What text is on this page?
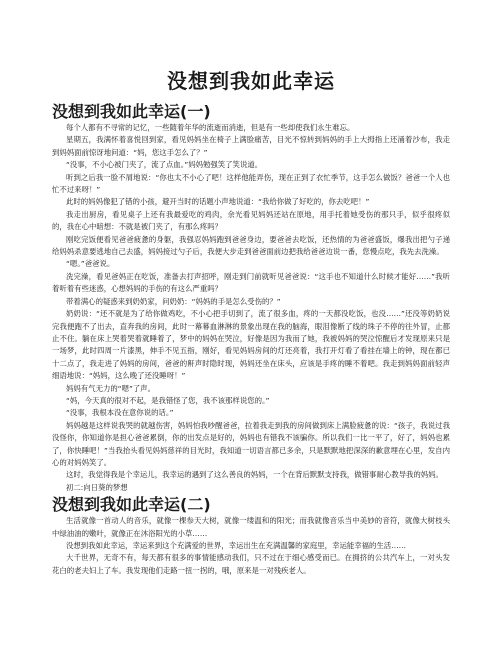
没想到我如此幸运
没想到我如此幸运(一)

每个人都有不寻常的记忆，一些随着年华的流逝而消逝，但是有一些却使我们永生难忘。

星期五，我满怀着喜悦回到家，看见妈妈坐在椅子上满脸痛苦，目光不惊转到妈妈的手上大拇指上还涌着沙布，我走到妈妈面前惊讶地问道：“妈，您这手怎么了？”

“没事，不小心被门夹了，流了点血。”妈妈勉强笑了笑说道。

听到之后我一脸不屑地说：“你也太不小心了吧！这样他能弄伤，现在正到了衣忙季节，这手怎么做饭？爸爸一个人也忙不过来呀！”

此时的妈妈像犯了错的小孩，避开当时的话题小声地说道：“我给你做了好吃的，你去吃吧！”

我走出厨房，看见桌子上还有我最爱吃的鸡肉，余光看见妈妈还站在原地，用手托着她受伤的那只手，似乎很疼似的，我在心中暗想：不就是被门夹了，有那么疼吗？

刚吃完饭便看见爸爸疲惫的身躯，我强忍妈妈跑到爸爸身边，要爸爸去吃饭，还热情的为爸爸盛饭，爆我出把勺子递给妈妈杀意要逃地自己去盛，妈妈接过勺子后，我便大步走到爸爸面前边把我给爸爸边说一番，您慢点吃，我先去洗澡。

“嗯。”爸爸说。

洗完澡，看见爸妈正在吃饭，准备去打声招呼，刚走到门前就听见爸爸说：“这手也不知道什么时候才能好……”我听着听着有些迷惑，心想妈妈的手伤的有这么严重吗？

带着满心的疑惑来到奶奶家，问奶奶：“妈妈的手是怎么受伤的？”

奶奶说：“还不就是为了给你做鸡吃，不小心把手切到了，流了很多血，疼的一天都没吃饭，也没……”还没等奶奶说完我便跑不了出去，直奔我的房间，此时一幕幕血淋淋的景象出现在我的脑海，眼泪像断了线的珠子不停的往外冒，止都止不住。躺在床上哭着哭着就睡着了，梦中的妈妈在哭泣，好像是因为我而了她，我被妈妈的哭泣惊醒后才发现原来只是一场梦，此时四周一片漆黑，伸手不见五指，刚好，看见妈妈房间的灯还亮着，我打开灯看了看挂在墙上的钟，现在都已十二点了，我走进了妈妈的房间，爸爸的鼾声时隐时现，妈妈还坐在床头，应该是手疼的睡不着吧。我走到妈妈面前轻声细语地说：“妈妈，这么晚了还没睡呀！”

妈妈有气无力的“嗯”了声。

“妈，今天真的很对不起，是我错怪了您，我不该那样说您的。”

“没事，我根本没在意你说的话。”

妈妈越是这样说我哭的就越伤害，妈妈怕我吵醒爸爸，拉着我走到我的房间做到床上满脸疲惫的说：“孩子，我说过我没怪你，你知道你是担心爸爸累倒，你的出发点是好的，妈妈也有错我不该骗你。所以我们一比一平了，好了，妈妈也累了，你快睡吧！”当我抬头看见妈妈慈祥的目光时，我知道一切语言都已多余，只是默默地把深深的歉意埋在心里，发自内心的对妈妈笑了。

这时，我觉得我是个幸运儿，我幸运的遇到了这么善良的妈妈，一个在背后默默支持我，做错事耐心教导我的妈妈。

初二:向日葵的梦想

没想到我如此幸运(二)

生活就像一首动人的音乐，就像一棵参天大树，就像一缕温和的阳光；而我就像音乐当中美妙的音符，就像大树枝头中绿油油的嫩叶，就像正在沐浴阳光的小草……

没想到我如此幸运，幸运来到这个充满爱的世界，幸运出生在充满温馨的家庭里，幸运能幸福的生活……

大千世界，无奇不有，每天都有很多的事情能感动我们，只不过在于细心感受而已。在拥挤的公共汽车上，一对头发花白的老夫妇上了车。我发现他们走路一扭一拐的，哦，原来是一对残疾老人。
